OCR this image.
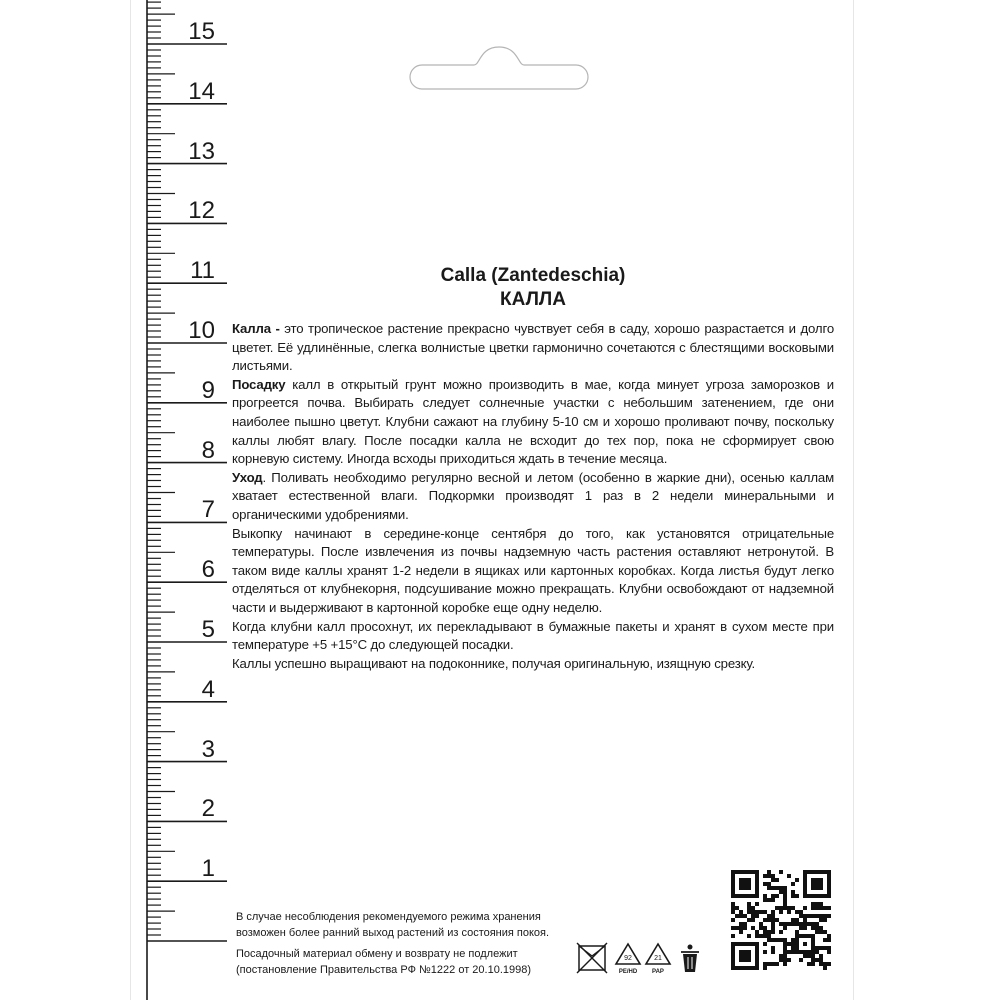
15
14
13
12
11
10
9
8
7
6
5
4
3
2
1
Calla (Zantedeschia)
КАЛЛА

Калла - это тропическое растение прекрасно чувствует себя в саду, хорошо разрастается и долго цветет. Её удлинённые, слегка волнистые цветки гармонично сочетаются с блестящими восковыми листьями.

Посадку калл в открытый грунт можно производить в мае, когда минует угроза заморозков и прогреется почва. Выбирать следует солнечные участки с небольшим затенением, где они наиболее пышно цветут. Клубни сажают на глубину 5-10 см и хорошо проливают почву, поскольку каллы любят влагу. После посадки калла не всходит до тех пор, пока не сформирует свою корневую систему. Иногда всходы приходиться ждать в течение месяца.

Уход. Поливать необходимо регулярно весной и летом (особенно в жаркие дни), осенью каллам хватает естественной влаги. Подкормки производят 1 раз в 2 недели минеральными и органическими удобрениями.

Выкопку начинают в середине-конце сентября до того, как установятся отрицательные температуры. После извлечения из почвы надземную часть растения оставляют нетронутой. В таком виде каллы хранят 1-2 недели в ящиках или картонных коробках. Когда листья будут легко отделяться от клубнекорня, подсушивание можно прекращать. Клубни освобождают от надземной части и выдерживают в картонной коробке еще одну неделю.

Когда клубни калл просохнут, их перекладывают в бумажные пакеты и хранят в сухом месте при температуре +5 +15°С до следующей посадки.

Каллы успешно выращивают на подоконнике, получая оригинальную, изящную срезку.

В случае несоблюдения рекомендуемого режима хранения

возможен более ранний выход растений из состояния покоя.

Посадочный материал обмену и возврату не подлежит

(постановление Правительства РФ №1222 от 20.10.1998)

92
PE/HD
21
PAP
